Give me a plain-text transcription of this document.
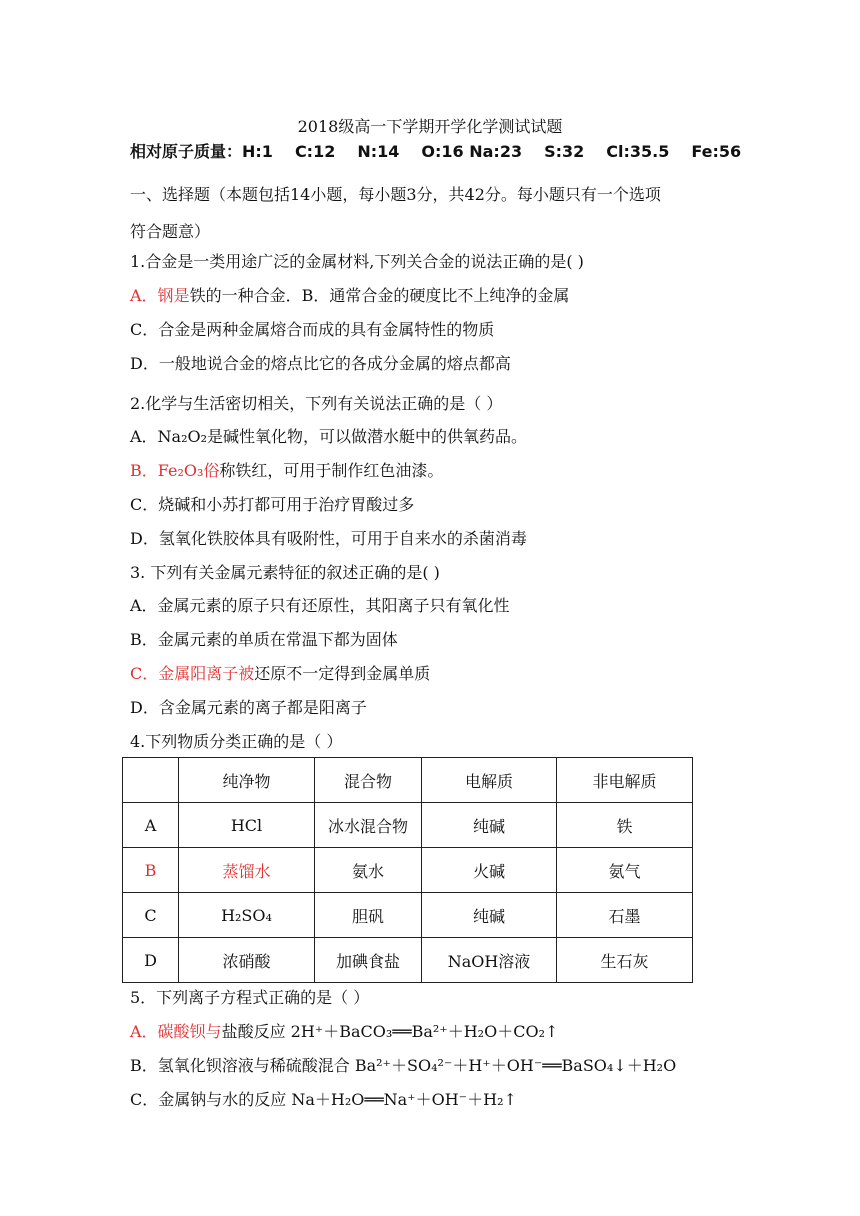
2018级高一下学期开学化学测试试题
相对原子质量：H:1 C:12 N:14 O:16 Na:23 S:32 Cl:35.5 Fe:56
一、选择题（本题包括14小题，每小题3分，共42分。每小题只有一个选项
符合题意）
1.合金是一类用途广泛的金属材料,下列关合金的说法正确的是( )
A．钢是铁的一种合金．B．通常合金的硬度比不上纯净的金属
C．合金是两种金属熔合而成的具有金属特性的物质
D．一般地说合金的熔点比它的各成分金属的熔点都高
2.化学与生活密切相关，下列有关说法正确的是（ ）
A．Na₂O₂是碱性氧化物，可以做潜水艇中的供氧药品。
B．Fe₂O₃俗称铁红，可用于制作红色油漆。
C．烧碱和小苏打都可用于治疗胃酸过多
D．氢氧化铁胶体具有吸附性，可用于自来水的杀菌消毒
3. 下列有关金属元素特征的叙述正确的是( )
A．金属元素的原子只有还原性，其阳离子只有氧化性
B．金属元素的单质在常温下都为固体
C．金属阳离子被还原不一定得到金属单质
D．含金属元素的离子都是阳离子
4.下列物质分类正确的是（ ）
	纯净物	混合物	电解质	非电解质
A	HCl	冰水混合物	纯碱	铁
B	蒸馏水	氨水	火碱	氨气
C	H₂SO₄	胆矾	纯碱	石墨
D	浓硝酸	加碘食盐	NaOH溶液	生石灰
5．下列离子方程式正确的是（ ）
A．碳酸钡与盐酸反应 2H⁺＋BaCO₃══Ba²⁺＋H₂O＋CO₂↑
B．氢氧化钡溶液与稀硫酸混合 Ba²⁺＋SO₄²⁻＋H⁺＋OH⁻══BaSO₄↓＋H₂O
C．金属钠与水的反应 Na＋H₂O══Na⁺＋OH⁻＋H₂↑
